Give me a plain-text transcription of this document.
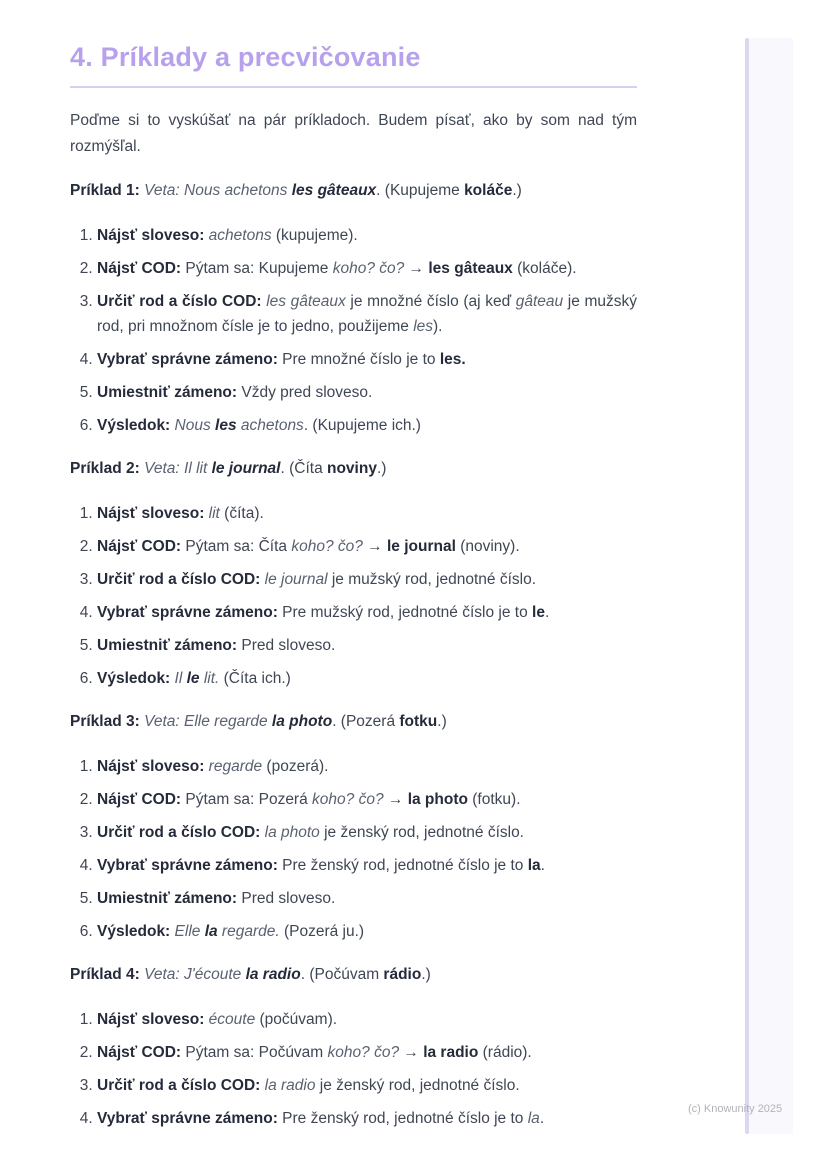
4. Príklady a precvičovanie

Poďme si to vyskúšať na pár príkladoch. Budem písať, ako by som nad tým rozmýšľal.

Príklad 1: Veta: Nous achetons les gâteaux. (Kupujeme koláče.)

1. Nájsť sloveso: achetons (kupujeme).
2. Nájsť COD: Pýtam sa: Kupujeme koho? čo? → les gâteaux (koláče).
3. Určiť rod a číslo COD: les gâteaux je množné číslo (aj keď gâteau je mužský rod, pri množnom čísle je to jedno, použijeme les).
4. Vybrať správne zámeno: Pre množné číslo je to les.
5. Umiestniť zámeno: Vždy pred sloveso.
6. Výsledok: Nous les achetons. (Kupujeme ich.)

Príklad 2: Veta: Il lit le journal. (Číta noviny.)

1. Nájsť sloveso: lit (číta).
2. Nájsť COD: Pýtam sa: Číta koho? čo? → le journal (noviny).
3. Určiť rod a číslo COD: le journal je mužský rod, jednotné číslo.
4. Vybrať správne zámeno: Pre mužský rod, jednotné číslo je to le.
5. Umiestniť zámeno: Pred sloveso.
6. Výsledok: Il le lit. (Číta ich.)

Príklad 3: Veta: Elle regarde la photo. (Pozerá fotku.)

1. Nájsť sloveso: regarde (pozerá).
2. Nájsť COD: Pýtam sa: Pozerá koho? čo? → la photo (fotku).
3. Určiť rod a číslo COD: la photo je ženský rod, jednotné číslo.
4. Vybrať správne zámeno: Pre ženský rod, jednotné číslo je to la.
5. Umiestniť zámeno: Pred sloveso.
6. Výsledok: Elle la regarde. (Pozerá ju.)

Príklad 4: Veta: J'écoute la radio. (Počúvam rádio.)

1. Nájsť sloveso: écoute (počúvam).
2. Nájsť COD: Pýtam sa: Počúvam koho? čo? → la radio (rádio).
3. Určiť rod a číslo COD: la radio je ženský rod, jednotné číslo.
4. Vybrať správne zámeno: Pre ženský rod, jednotné číslo je to la.
(c) Knowunity 2025
